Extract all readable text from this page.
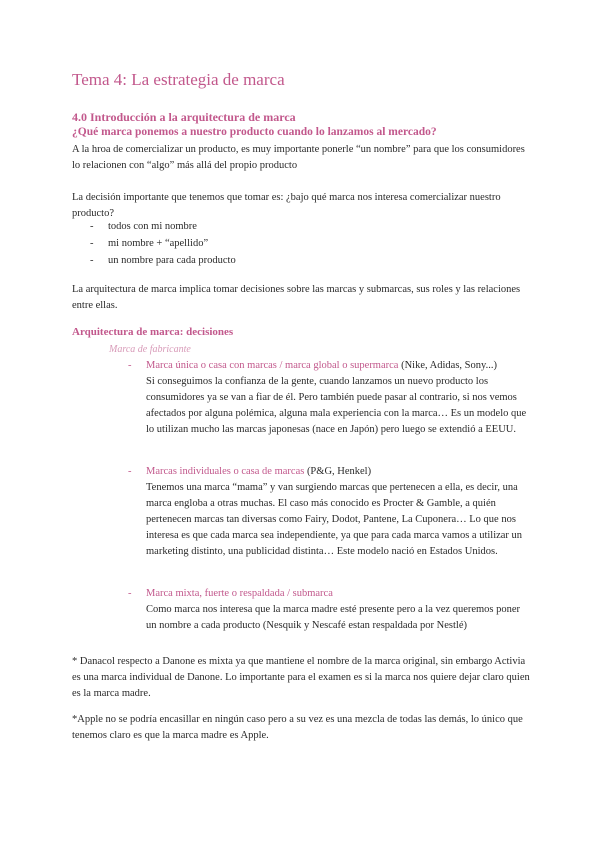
Tema 4: La estrategia de marca
4.0 Introducción a la arquitectura de marca
¿Qué marca ponemos a nuestro producto cuando lo lanzamos al mercado?

A la hroa de comercializar un producto, es muy importante ponerle “un nombre” para que los consumidores lo relacionen con “algo” más allá del propio producto

La decisión importante que tenemos que tomar es: ¿bajo qué marca nos interesa comercializar nuestro producto?

- todos con mi nombre
- mi nombre + “apellido”
- un nombre para cada producto

La arquitectura de marca implica tomar decisiones sobre las marcas y submarcas, sus roles y las relaciones entre ellas.

Arquitectura de marca: decisiones

Marca de fabricante

-	Marca única o casa con marcas / marca global o supermarca (Nike, Adidas, Sony...)
Si conseguimos la confianza de la gente, cuando lanzamos un nuevo producto los consumidores ya se van a fiar de él. Pero también puede pasar al contrario, si nos vemos afectados por alguna polémica, alguna mala experiencia con la marca… Es un modelo que lo utilizan mucho las marcas japonesas (nace en Japón) pero luego se extendió a EEUU.
-	Marcas individuales o casa de marcas (P&G, Henkel)
Tenemos una marca “mama” y van surgiendo marcas que pertenecen a ella, es decir, una marca engloba a otras muchas. El caso más conocido es Procter & Gamble, a quién pertenecen marcas tan diversas como Fairy, Dodot, Pantene, La Cuponera… Lo que nos interesa es que cada marca sea independiente, ya que para cada marca vamos a utilizar un marketing distinto, una publicidad distinta… Este modelo nació en Estados Unidos.
-	Marca mixta, fuerte o respaldada / submarca
Como marca nos interesa que la marca madre esté presente pero a la vez queremos poner un nombre a cada producto (Nesquik y Nescafé estan respaldada por Nestlé)

* Danacol respecto a Danone es mixta ya que mantiene el nombre de la marca original, sin embargo Activia es una marca individual de Danone. Lo importante para el examen es si la marca nos quiere dejar claro quien es la marca madre.

*Apple no se podría encasillar en ningún caso pero a su vez es una mezcla de todas las demás, lo único que tenemos claro es que la marca madre es Apple.
